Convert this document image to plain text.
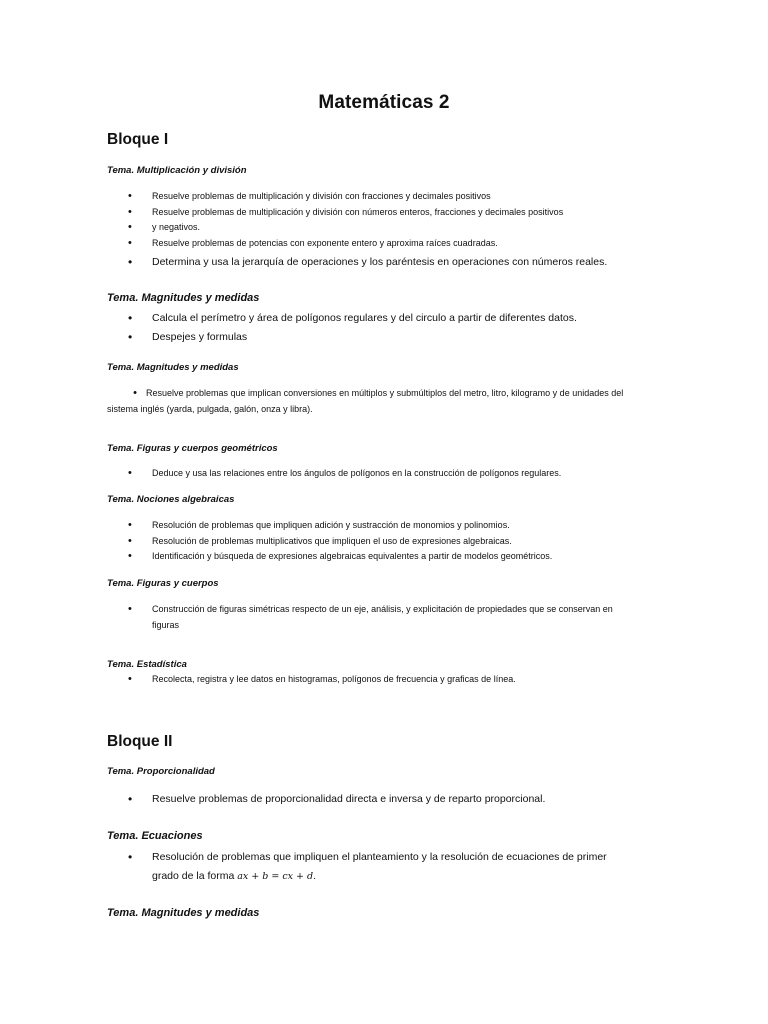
Matemáticas 2
Bloque I
Tema. Multiplicación y división
• Resuelve problemas de multiplicación y división con fracciones y decimales positivos
• Resuelve problemas de multiplicación y división con números enteros, fracciones y decimales positivos
• y negativos.
• Resuelve problemas de potencias con exponente entero y aproxima raíces cuadradas.
• Determina y usa la jerarquía de operaciones y los paréntesis en operaciones con números reales.
Tema. Magnitudes y medidas
• Calcula el perímetro y área de polígonos regulares y del circulo a partir de diferentes datos.
• Despejes y formulas
Tema. Magnitudes y medidas
• Resuelve problemas que implican conversiones en múltiplos y submúltiplos del metro, litro, kilogramo y de unidades del sistema inglés (yarda, pulgada, galón, onza y libra).
Tema. Figuras y cuerpos geométricos
• Deduce y usa las relaciones entre los ángulos de polígonos en la construcción de polígonos regulares.
Tema. Nociones algebraicas
• Resolución de problemas que impliquen adición y sustracción de monomios y polinomios.
• Resolución de problemas multiplicativos que impliquen el uso de expresiones algebraicas.
• Identificación y búsqueda de expresiones algebraicas equivalentes a partir de modelos geométricos.
Tema. Figuras y cuerpos
• Construcción de figuras simétricas respecto de un eje, análisis, y explicitación de propiedades que se conservan en figuras
Tema. Estadística
• Recolecta, registra y lee datos en histogramas, polígonos de frecuencia y graficas de línea.
Bloque II
Tema. Proporcionalidad
• Resuelve problemas de proporcionalidad directa e inversa y de reparto proporcional.
Tema. Ecuaciones
• Resolución de problemas que impliquen el planteamiento y la resolución de ecuaciones de primer grado de la forma ax + b = cx + d.
Tema. Magnitudes y medidas
